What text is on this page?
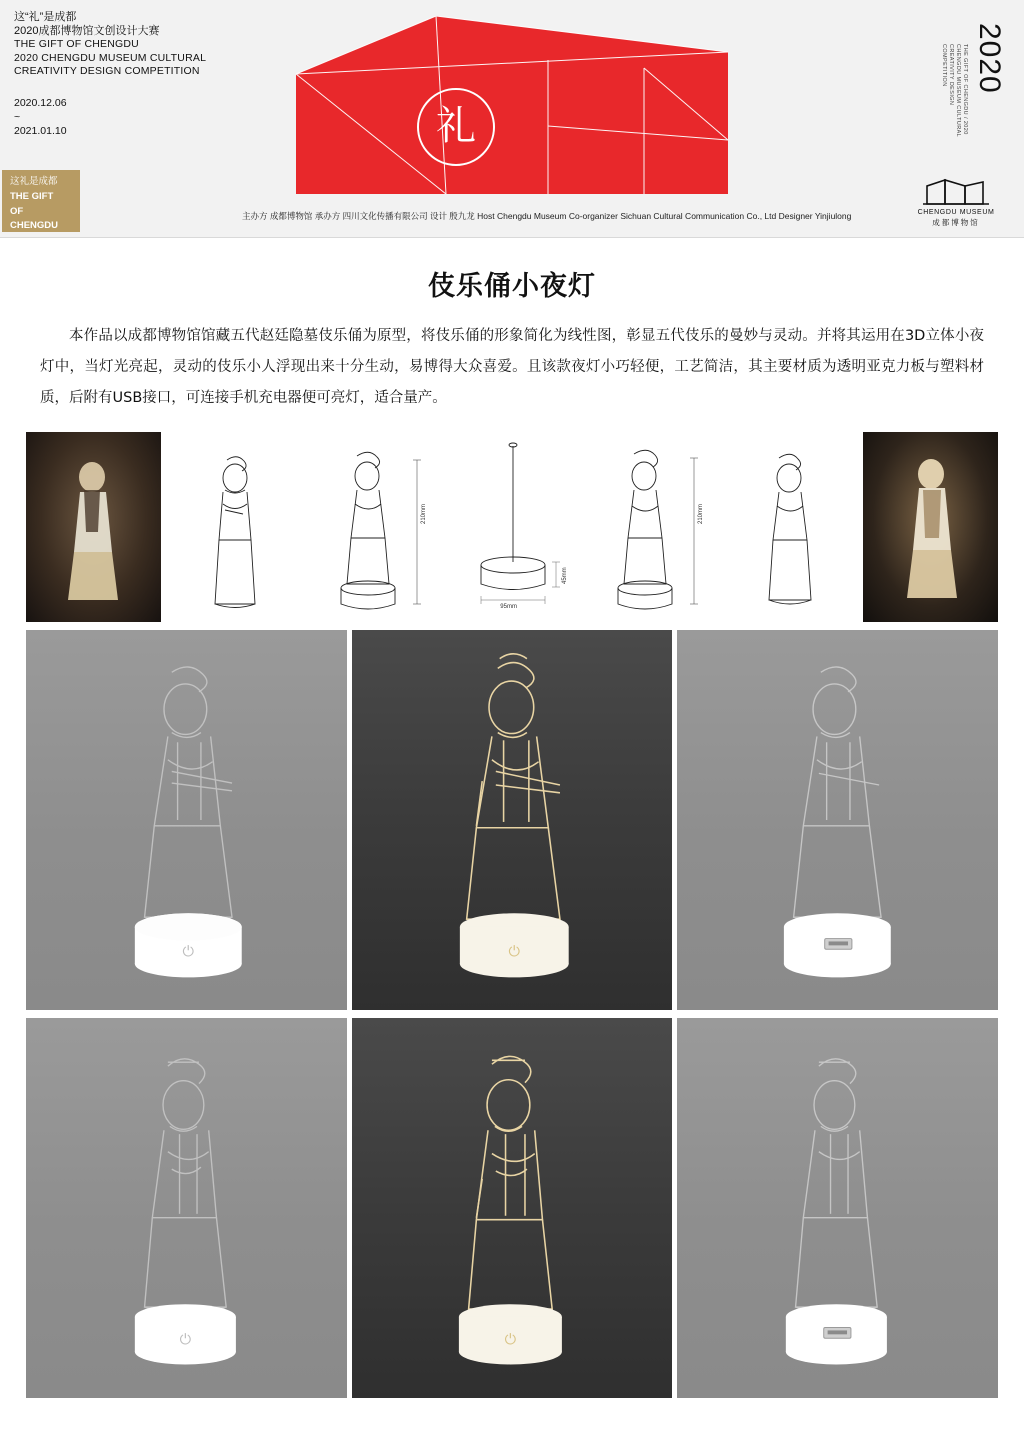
这“礼”是成都
2020成都博物馆文创设计大赛
THE GIFT OF CHENGDU
2020 CHENGDU MUSEUM CULTURAL
CREATIVITY DESIGN COMPETITION
2020.12.06
~
2021.01.10
这礼是成都
THE GIFT
OF
CHENGDU
礼
2020
THE GIFT OF CHENGDU / 2020 CHENGDU MUSEUM CULTURAL CREATIVITY DESIGN COMPETITION
主办方 成都博物馆 承办方 四川文化传播有限公司 设计 殷九龙 Host Chengdu Museum Co-organizer Sichuan Cultural Communication Co., Ltd Designer Yinjiulong	CHENGDU MUSEUM
成都博物馆
伎乐俑小夜灯
本作品以成都博物馆馆藏五代赵廷隐墓伎乐俑为原型，将伎乐俑的形象简化为线性图，彰显五代伎乐的曼妙与灵动。并将其运用在3D立体小夜灯中，当灯光亮起，灵动的伎乐小人浮现出来十分生动，易博得大众喜爱。且该款夜灯小巧轻便，工艺简洁，其主要材质为透明亚克力板与塑料材质，后附有USB接口，可连接手机充电器便可亮灯，适合量产。
210mm
45mm
95mm
210mm
⏻	⏻
⏻	⏻
